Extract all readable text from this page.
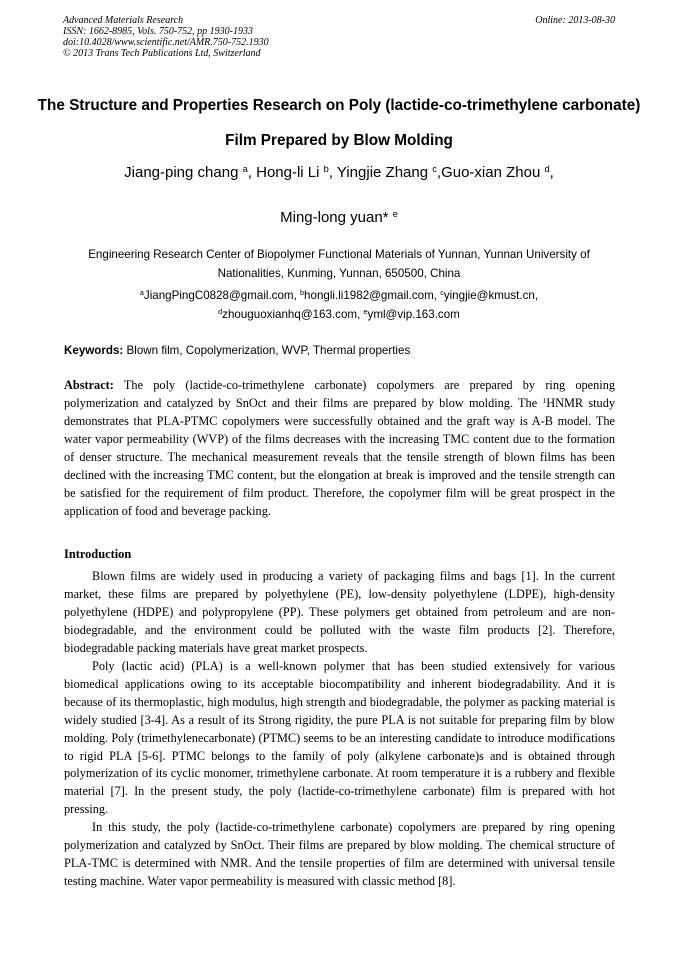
Advanced Materials Research
ISSN: 1662-8985, Vols. 750-752, pp 1930-1933
doi:10.4028/www.scientific.net/AMR.750-752.1930
© 2013 Trans Tech Publications Ltd, Switzerland
Online: 2013-08-30
The Structure and Properties Research on Poly (lactide-co-trimethylene carbonate) Film Prepared by Blow Molding
Jiang-ping chang $^a$, Hong-li Li $^b$, Yingjie Zhang $^c$,Guo-xian Zhou $^d$,
Ming-long yuan* $^e$
Engineering Research Center of Biopolymer Functional Materials of Yunnan, Yunnan University of Nationalities, Kunming, Yunnan, 650500, China
$^a$JiangPingC0828@gmail.com, $^b$hongli.li1982@gmail.com, $^c$yingjie@kmust.cn,
$^d$zhouguoxianhq@163.com, $^e$yml@vip.163.com
Keywords: Blown film, Copolymerization, WVP, Thermal properties

Abstract: The poly (lactide-co-trimethylene carbonate) copolymers are prepared by ring opening polymerization and catalyzed by SnOct and their films are prepared by blow molding. The $^1$HNMR study demonstrates that PLA-PTMC copolymers were successfully obtained and the graft way is A-B model. The water vapor permeability (WVP) of the films decreases with the increasing TMC content due to the formation of denser structure. The mechanical measurement reveals that the tensile strength of blown films has been declined with the increasing TMC content, but the elongation at break is improved and the tensile strength can be satisfied for the requirement of film product. Therefore, the copolymer film will be great prospect in the application of food and beverage packing.

Introduction

Blown films are widely used in producing a variety of packaging films and bags [1]. In the current market, these films are prepared by polyethylene (PE), low-density polyethylene (LDPE), high-density polyethylene (HDPE) and polypropylene (PP). These polymers get obtained from petroleum and are non-biodegradable, and the environment could be polluted with the waste film products [2]. Therefore, biodegradable packing materials have great market prospects.

Poly (lactic acid) (PLA) is a well-known polymer that has been studied extensively for various biomedical applications owing to its acceptable biocompatibility and inherent biodegradability. And it is because of its thermoplastic, high modulus, high strength and biodegradable, the polymer as packing material is widely studied [3-4]. As a result of its Strong rigidity, the pure PLA is not suitable for preparing film by blow molding. Poly (trimethylenecarbonate) (PTMC) seems to be an interesting candidate to introduce modifications to rigid PLA [5-6]. PTMC belongs to the family of poly (alkylene carbonate)s and is obtained through polymerization of its cyclic monomer, trimethylene carbonate. At room temperature it is a rubbery and flexible material [7]. In the present study, the poly (lactide-co-trimethylene carbonate) film is prepared with hot pressing.

In this study, the poly (lactide-co-trimethylene carbonate) copolymers are prepared by ring opening polymerization and catalyzed by SnOct. Their films are prepared by blow molding. The chemical structure of PLA-TMC is determined with NMR. And the tensile properties of film are determined with universal tensile testing machine. Water vapor permeability is measured with classic method [8].
